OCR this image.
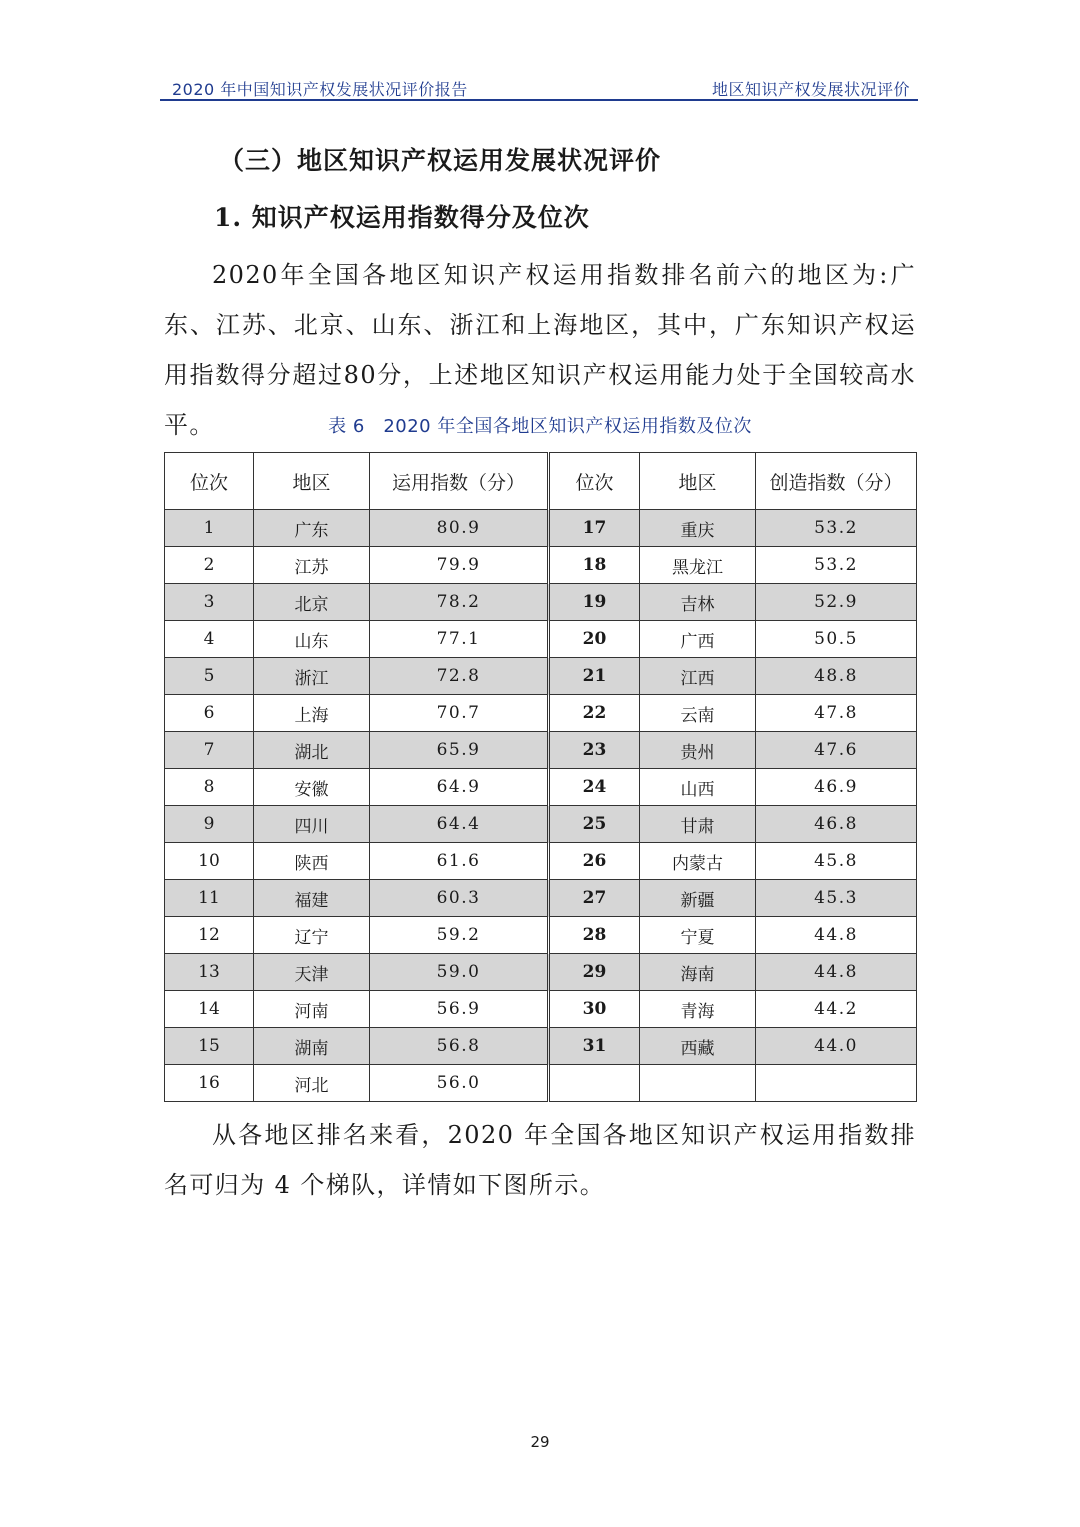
2020 年中国知识产权发展状况评价报告	地区知识产权发展状况评价
（三）地区知识产权运用发展状况评价
1. 知识产权运用指数得分及位次
2020年全国各地区知识产权运用指数排名前六的地区为:广东、江苏、北京、山东、浙江和上海地区，其中，广东知识产权运用指数得分超过80分，上述地区知识产权运用能力处于全国较高水平。	表 6　2020 年全国各地区知识产权运用指数及位次
位次	地区	运用指数（分）	位次	地区	创造指数（分）
1	广东	80.9	17	重庆	53.2
2	江苏	79.9	18	黑龙江	53.2
3	北京	78.2	19	吉林	52.9
4	山东	77.1	20	广西	50.5
5	浙江	72.8	21	江西	48.8
6	上海	70.7	22	云南	47.8
7	湖北	65.9	23	贵州	47.6
8	安徽	64.9	24	山西	46.9
9	四川	64.4	25	甘肃	46.8
10	陕西	61.6	26	内蒙古	45.8
11	福建	60.3	27	新疆	45.3
12	辽宁	59.2	28	宁夏	44.8
13	天津	59.0	29	海南	44.8
14	河南	56.9	30	青海	44.2
15	湖南	56.8	31	西藏	44.0
16	河北	56.0			
从各地区排名来看，2020 年全国各地区知识产权运用指数排名可归为 4 个梯队，详情如下图所示。
29
